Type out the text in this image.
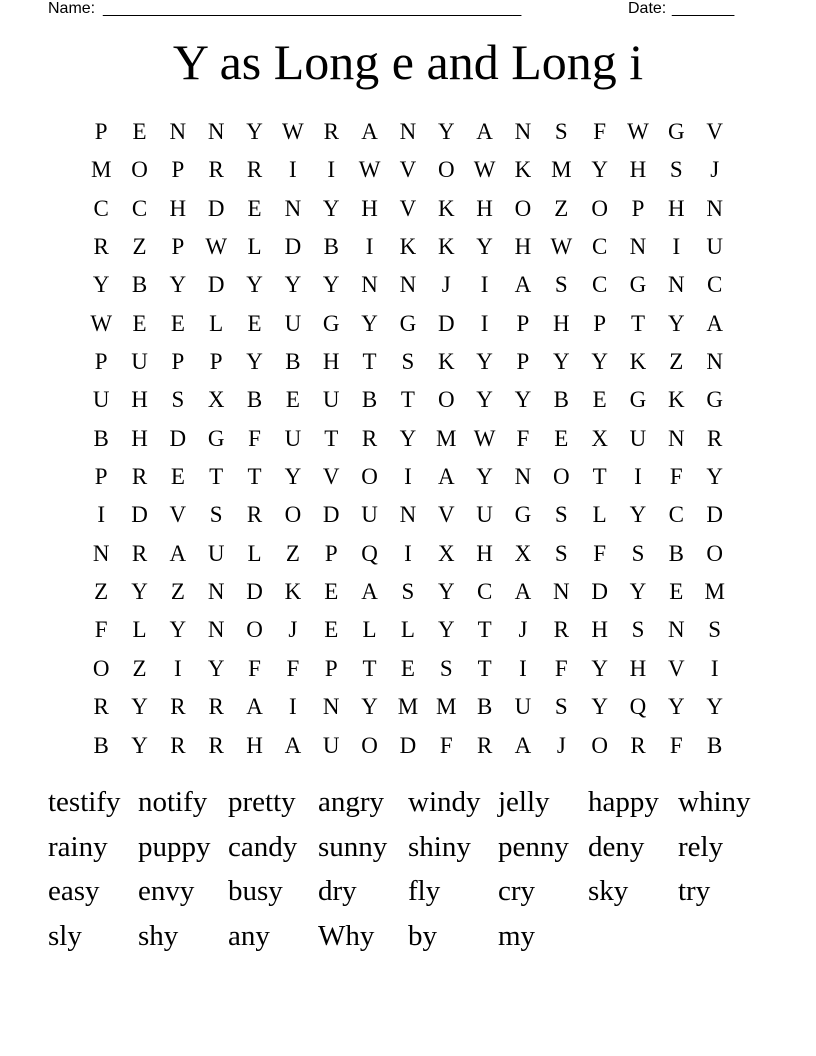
Name: _______________________________________________	Date: _______
Y as Long e and Long i
P	E	N N Y W R A N Y A N	S	F W G V
M O	P	R	R	I	I	W V O W K M Y H	S	J
C	C H D	E	N Y H V K H O	Z	O	P	H N
R	Z	P W L	D B	I	K K Y H W C N	I	U
Y B Y D Y Y Y N N	J	I	A	S	C G N C
W E	E	L	E	U G Y G D	I	P	H	P	T	Y A
P	U	P	P	Y B H	T	S	K Y	P	Y Y K	Z	N
U H	S	X B	E	U B	T	O Y Y B	E	G K G
B H D G	F	U	T	R Y M W F	E	X U N R
P	R	E	T	T	Y V O	I	A Y N O	T	I	F	Y
I	D V	S	R O D U N V U G	S	L	Y C D
N R A U	L	Z	P	Q	I	X H X	S	F	S	B O
Z	Y	Z	N D K	E	A	S	Y C A N D Y	E M
F	L	Y N O	J	E	L	L	Y	T	J	R H	S	N	S
O	Z	I	Y	F	F	P	T	E	S	T	I	F	Y H V	I
R Y R	R A	I	N Y M M B U	S	Y Q Y Y
B Y R	R H A U O D	F	R A	J	O R	F	B
testify notify pretty angry windy jelly	happy whiny
rainy	puppy candy sunny shiny penny deny	rely
easy	envy	busy	dry	fly	cry	sky	try
sly	shy	any	Why	by	my
